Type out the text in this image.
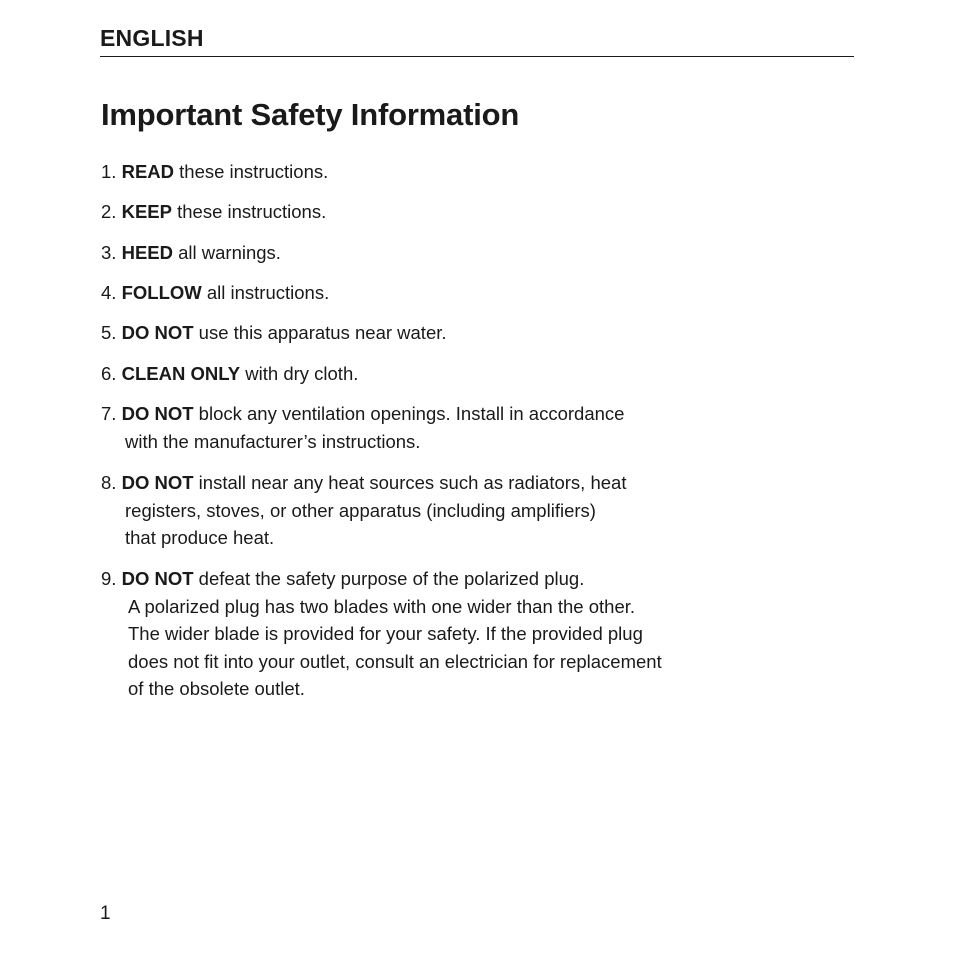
ENGLISH
Important Safety Information
1. READ these instructions.
2. KEEP these instructions.
3. HEED all warnings.
4. FOLLOW all instructions.
5. DO NOT use this apparatus near water.
6. CLEAN ONLY with dry cloth.
7. DO NOT block any ventilation openings. Install in accordance
with the manufacturer’s instructions.
8. DO NOT install near any heat sources such as radiators, heat
registers, stoves, or other apparatus (including amplifiers)
that produce heat.
9. DO NOT defeat the safety purpose of the polarized plug.
A polarized plug has two blades with one wider than the other.
The wider blade is provided for your safety. If the provided plug
does not fit into your outlet, consult an electrician for replacement
of the obsolete outlet.
1
